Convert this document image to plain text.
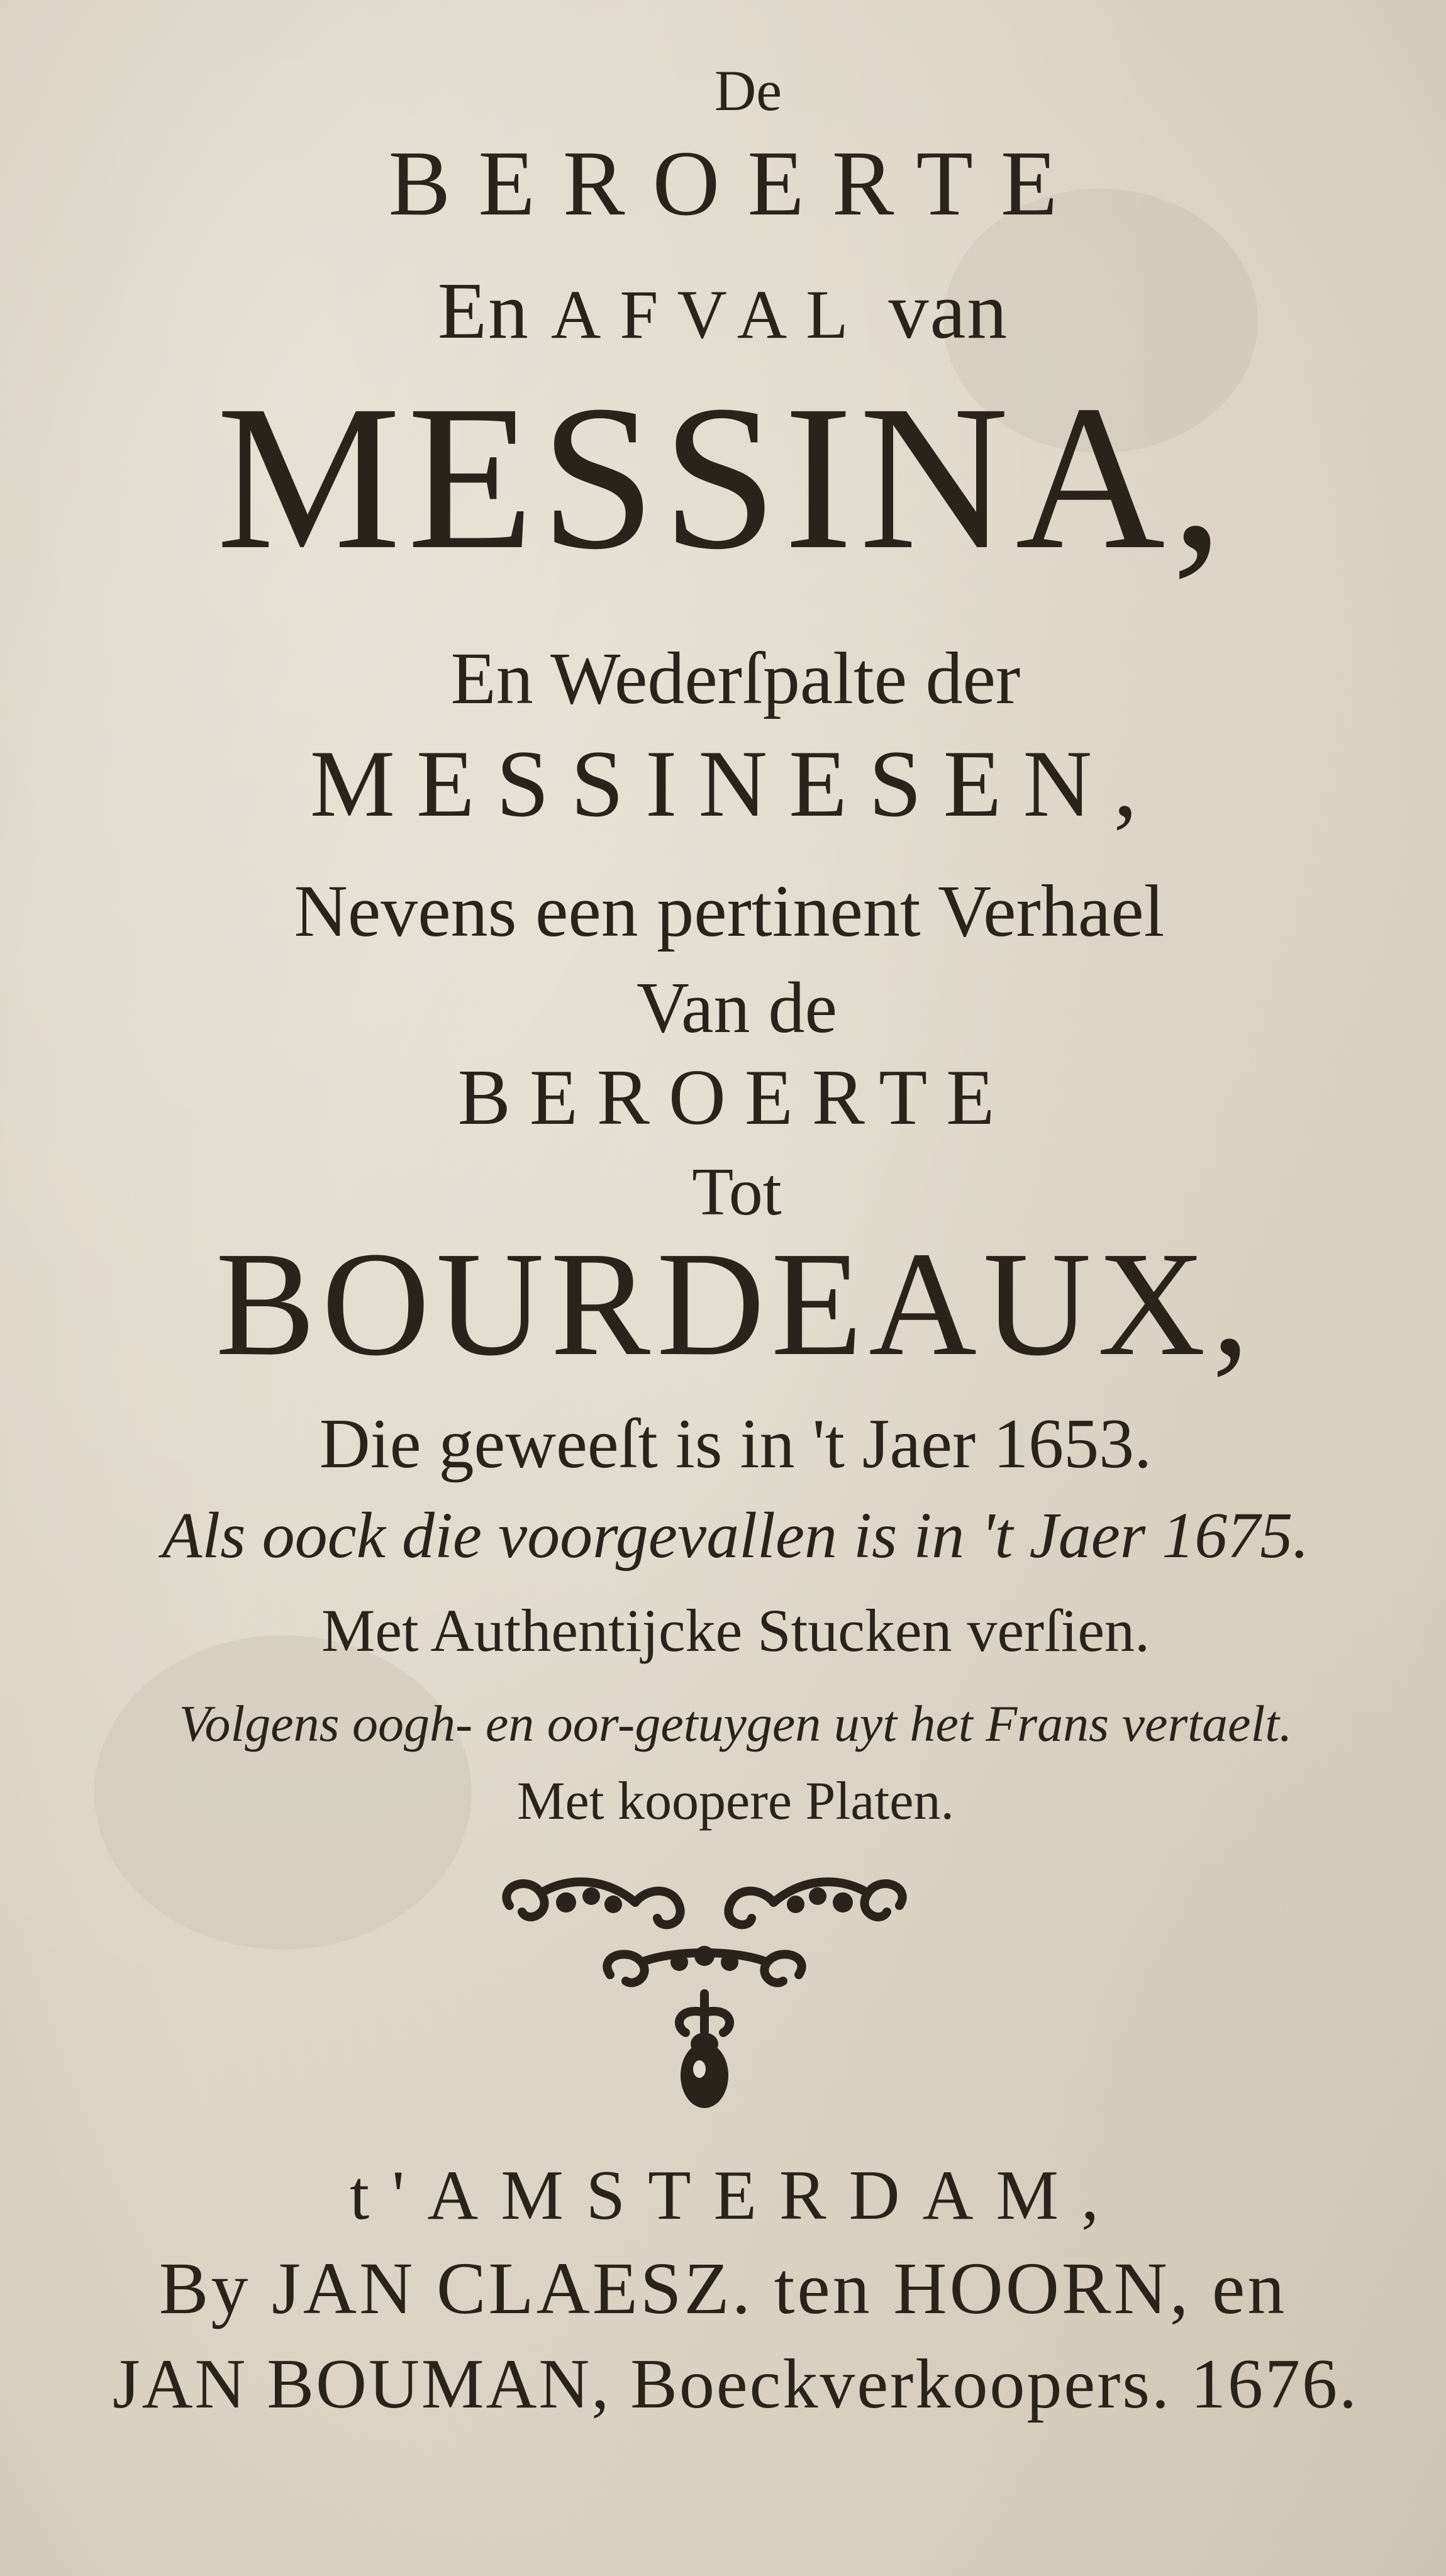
De
BEROERTE
En AFVAL van
MESSINA,
En Wederſpalte der
MESSINESEN,
Nevens een pertinent Verhael
Van de
BEROERTE
Tot
BOURDEAUX,
Die geweeſt is in 't Jaer 1653.
Als oock die voorgevallen is in 't Jaer 1675.
Met Authentijcke Stucken verſien.
Volgens oogh- en oor-getuygen uyt het Frans vertaelt.
Met koopere Platen.
t'AMSTERDAM,
By JAN CLAESZ. ten HOORN, en
JAN BOUMAN, Boeckverkoopers. 1676.
